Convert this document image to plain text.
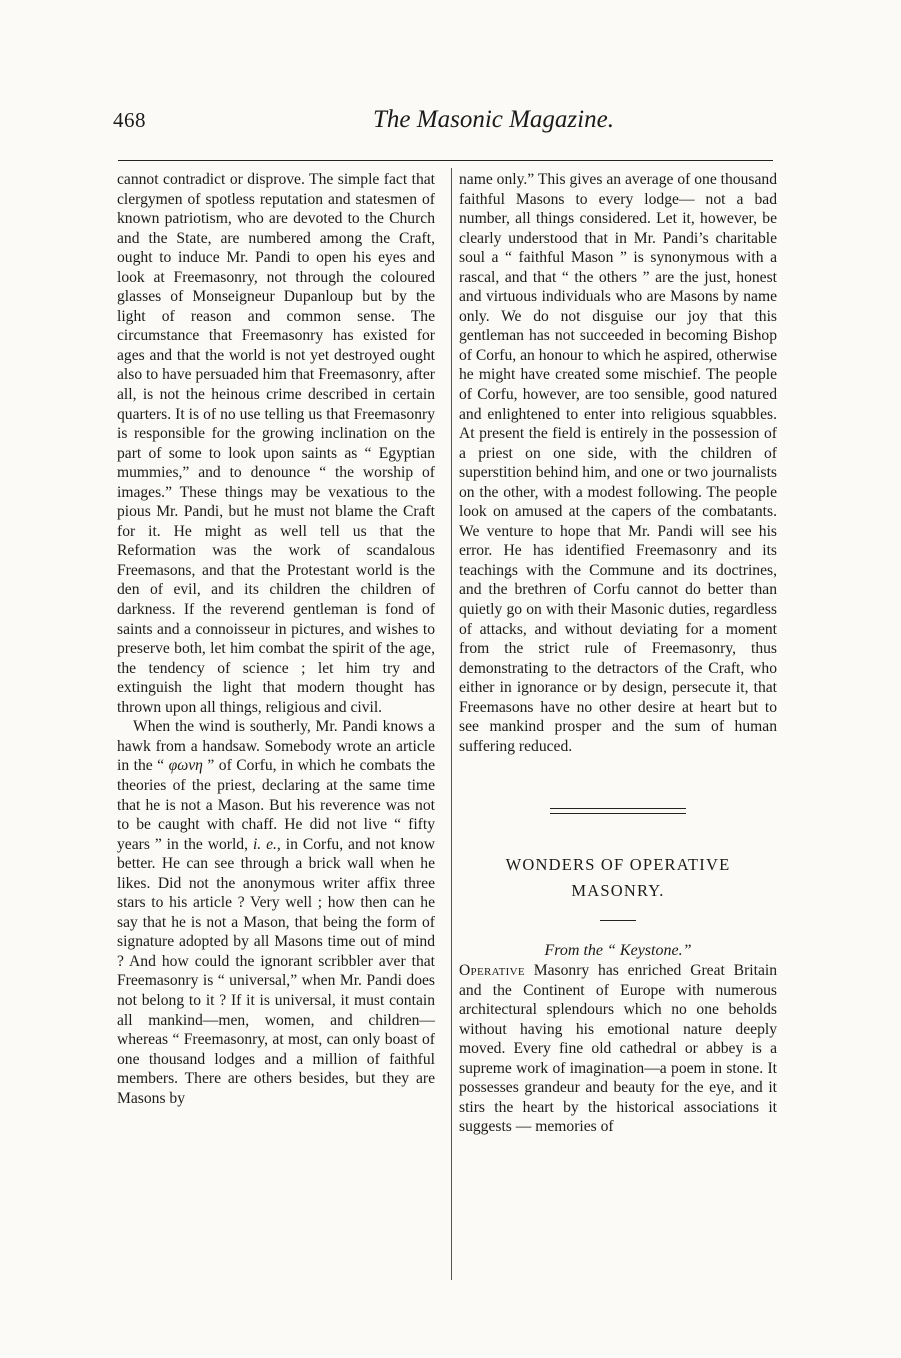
468	The Masonic Magazine.

cannot contradict or disprove. The simple fact that clergymen of spotless reputation and statesmen of known patriotism, who are devoted to the Church and the State, are numbered among the Craft, ought to induce Mr. Pandi to open his eyes and look at Freemasonry, not through the coloured glasses of Monseigneur Dupanloup but by the light of reason and common sense. The circumstance that Freemasonry has existed for ages and that the world is not yet destroyed ought also to have persuaded him that Freemasonry, after all, is not the heinous crime described in certain quarters. It is of no use telling us that Freemasonry is responsible for the growing inclination on the part of some to look upon saints as “ Egyptian mummies,” and to denounce “ the worship of images.” These things may be vexatious to the pious Mr. Pandi, but he must not blame the Craft for it. He might as well tell us that the Reformation was the work of scandalous Freemasons, and that the Protestant world is the den of evil, and its children the children of darkness. If the reverend gentleman is fond of saints and a connoisseur in pictures, and wishes to preserve both, let him combat the spirit of the age, the tendency of science ; let him try and extinguish the light that modern thought has thrown upon all things, religious and civil.

When the wind is southerly, Mr. Pandi knows a hawk from a handsaw. Somebody wrote an article in the “ φωνη ” of Corfu, in which he combats the theories of the priest, declaring at the same time that he is not a Mason. But his reverence was not to be caught with chaff. He did not live “ fifty years ” in the world, i. e., in Corfu, and not know better. He can see through a brick wall when he likes. Did not the anonymous writer affix three stars to his article ? Very well ; how then can he say that he is not a Mason, that being the form of signature adopted by all Masons time out of mind ? And how could the ignorant scribbler aver that Freemasonry is “ universal,” when Mr. Pandi does not belong to it ? If it is universal, it must contain all mankind—men, women, and children—whereas “ Freemasonry, at most, can only boast of one thousand lodges and a million of faithful members. There are others besides, but they are Masons by

name only.” This gives an average of one thousand faithful Masons to every lodge— not a bad number, all things considered. Let it, however, be clearly understood that in Mr. Pandi’s charitable soul a “ faithful Mason ” is synonymous with a rascal, and that “ the others ” are the just, honest and virtuous individuals who are Masons by name only. We do not disguise our joy that this gentleman has not succeeded in becoming Bishop of Corfu, an honour to which he aspired, otherwise he might have created some mischief. The people of Corfu, however, are too sensible, good natured and enlightened to enter into religious squabbles. At present the field is entirely in the possession of a priest on one side, with the children of superstition behind him, and one or two journalists on the other, with a modest following. The people look on amused at the capers of the combatants. We venture to hope that Mr. Pandi will see his error. He has identified Freemasonry and its teachings with the Commune and its doctrines, and the brethren of Corfu cannot do better than quietly go on with their Masonic duties, regardless of attacks, and without deviating for a moment from the strict rule of Freemasonry, thus demonstrating to the detractors of the Craft, who either in ignorance or by design, persecute it, that Freemasons have no other desire at heart but to see mankind prosper and the sum of human suffering reduced.

WONDERS OF OPERATIVE
MASONRY.
From the “ Keystone.”

Operative Masonry has enriched Great Britain and the Continent of Europe with numerous architectural splendours which no one beholds without having his emotional nature deeply moved. Every fine old cathedral or abbey is a supreme work of imagination—a poem in stone. It possesses grandeur and beauty for the eye, and it stirs the heart by the historical associations it suggests — memories of
